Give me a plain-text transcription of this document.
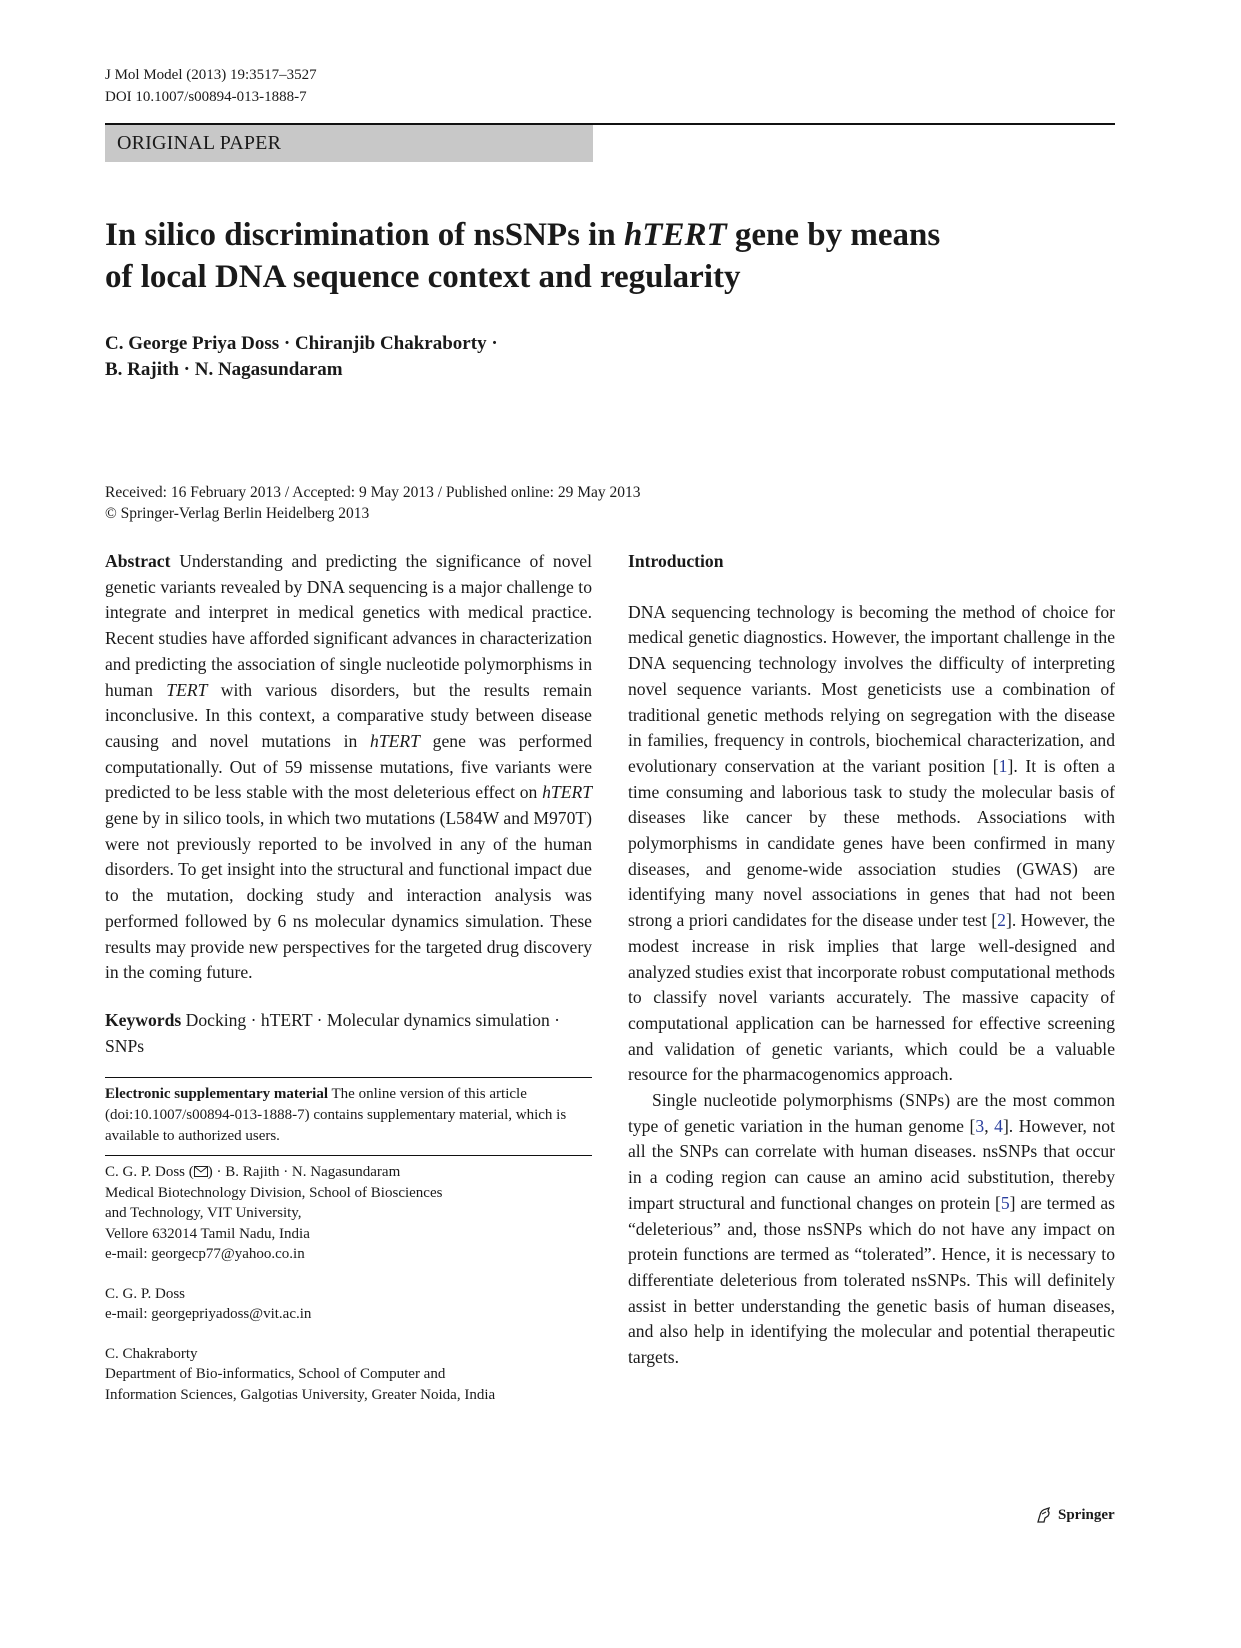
J Mol Model (2013) 19:3517–3527
DOI 10.1007/s00894-013-1888-7
ORIGINAL PAPER
In silico discrimination of nsSNPs in hTERT gene by means
of local DNA sequence context and regularity
C. George Priya Doss · Chiranjib Chakraborty ·
B. Rajith · N. Nagasundaram
Received: 16 February 2013 / Accepted: 9 May 2013 / Published online: 29 May 2013
© Springer-Verlag Berlin Heidelberg 2013

Abstract Understanding and predicting the significance of novel genetic variants revealed by DNA sequencing is a major challenge to integrate and interpret in medical genetics with medical practice. Recent studies have afforded significant advances in characterization and predicting the association of single nucleotide polymorphisms in human TERT with various disorders, but the results remain inconclusive. In this context, a comparative study between disease causing and novel mutations in hTERT gene was performed computationally. Out of 59 missense mutations, five variants were predicted to be less stable with the most deleterious effect on hTERT gene by in silico tools, in which two mutations (L584W and M970T) were not previously reported to be involved in any of the human disorders. To get insight into the structural and functional impact due to the mutation, docking study and interaction analysis was performed followed by 6 ns molecular dynamics simulation. These results may provide new perspectives for the targeted drug discovery in the coming future.

Keywords Docking · hTERT · Molecular dynamics simulation · SNPs

Electronic supplementary material The online version of this article (doi:10.1007/s00894-013-1888-7) contains supplementary material, which is available to authorized users.
C. G. P. Doss ( ) · B. Rajith · N. Nagasundaram
Medical Biotechnology Division, School of Biosciences
and Technology, VIT University,
Vellore 632014 Tamil Nadu, India
e-mail: georgecp77@yahoo.co.in
C. G. P. Doss
e-mail: georgepriyadoss@vit.ac.in
C. Chakraborty
Department of Bio-informatics, School of Computer and
Information Sciences, Galgotias University, Greater Noida, India
Introduction

DNA sequencing technology is becoming the method of choice for medical genetic diagnostics. However, the important challenge in the DNA sequencing technology involves the difficulty of interpreting novel sequence variants. Most geneticists use a combination of traditional genetic methods relying on segregation with the disease in families, frequency in controls, biochemical characterization, and evolutionary conservation at the variant position [1]. It is often a time consuming and laborious task to study the molecular basis of diseases like cancer by these methods. Associations with polymorphisms in candidate genes have been confirmed in many diseases, and genome-wide association studies (GWAS) are identifying many novel associations in genes that had not been strong a priori candidates for the disease under test [2]. However, the modest increase in risk implies that large well-designed and analyzed studies exist that incorporate robust computational methods to classify novel variants accurately. The massive capacity of computational application can be harnessed for effective screening and validation of genetic variants, which could be a valuable resource for the pharmacogenomics approach.

Single nucleotide polymorphisms (SNPs) are the most common type of genetic variation in the human genome [3, 4]. However, not all the SNPs can correlate with human diseases. nsSNPs that occur in a coding region can cause an amino acid substitution, thereby impart structural and functional changes on protein [5] are termed as “deleterious” and, those nsSNPs which do not have any impact on protein functions are termed as “tolerated”. Hence, it is necessary to differentiate deleterious from tolerated nsSNPs. This will definitely assist in better understanding the genetic basis of human diseases, and also help in identifying the molecular and potential therapeutic targets.

Springer
